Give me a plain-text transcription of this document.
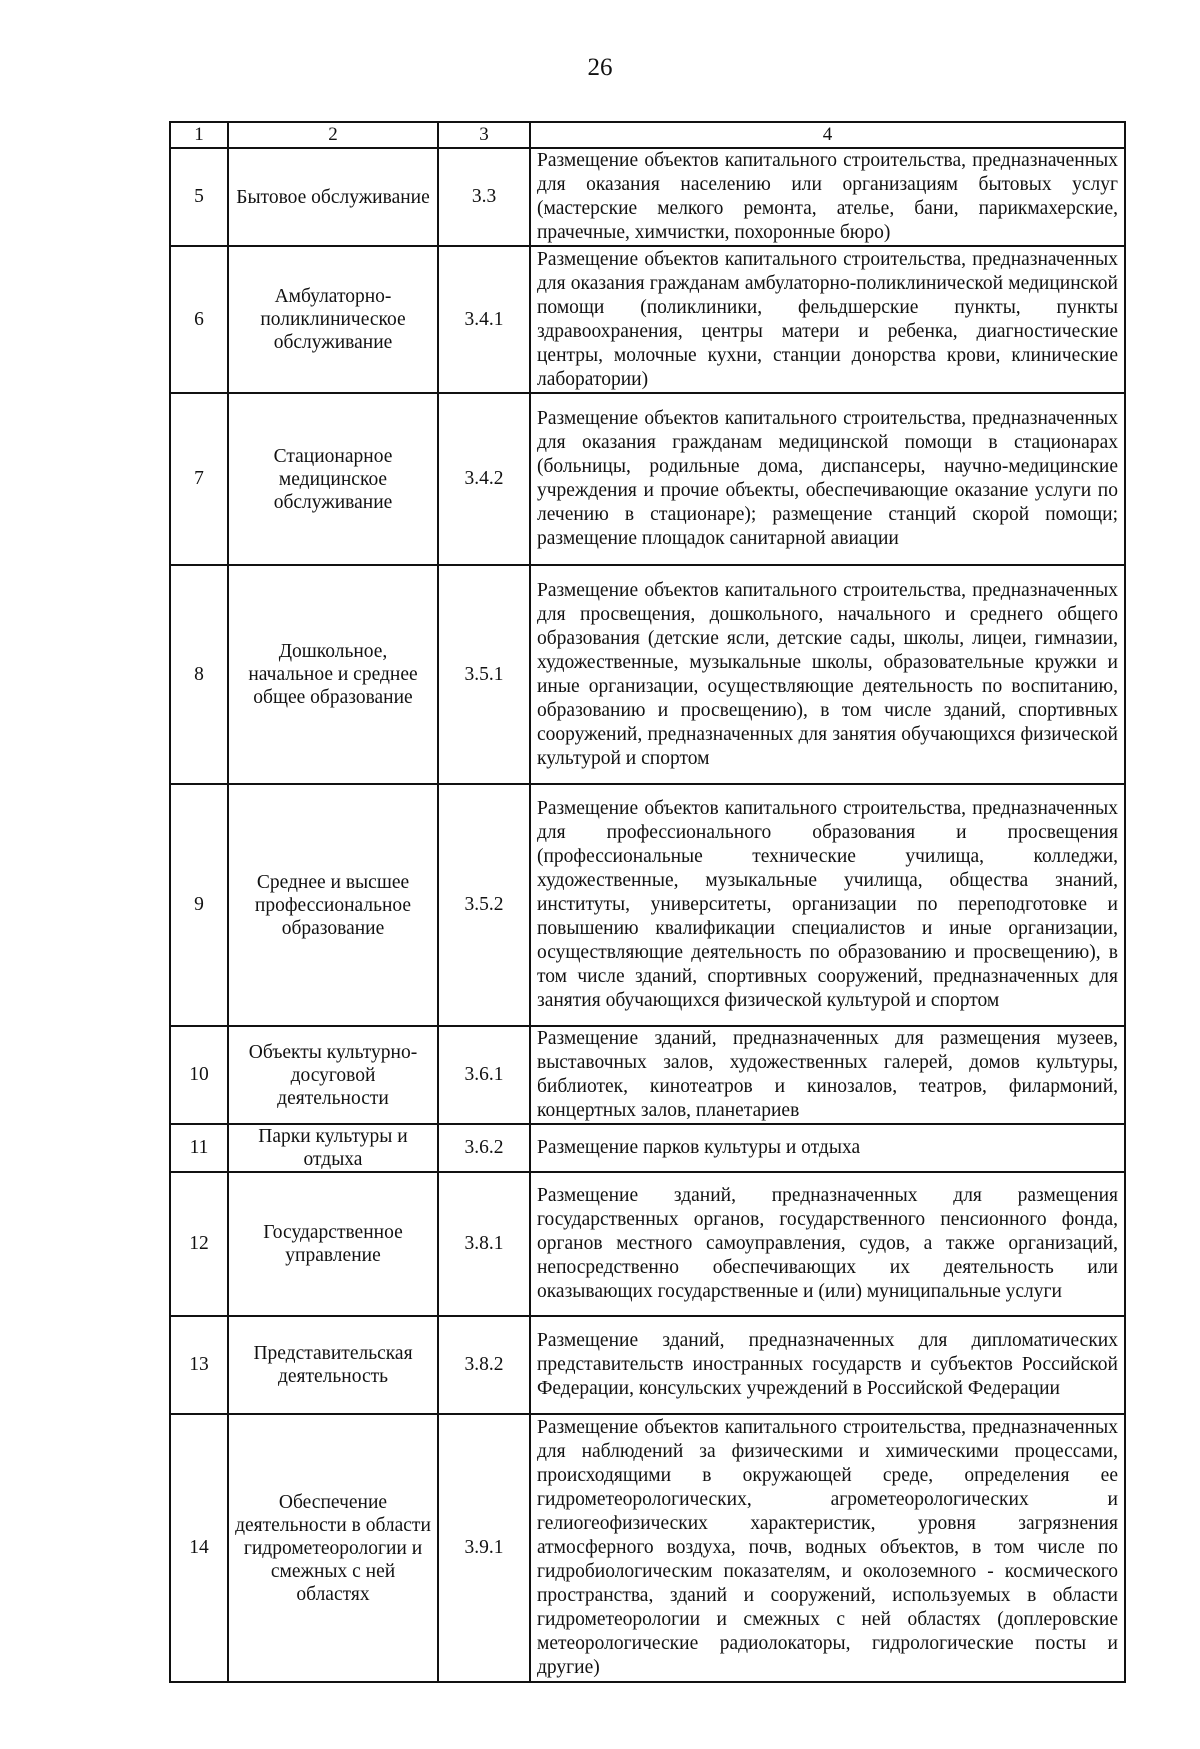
26
1	2	3	4
5	Бытовое обслуживание	3.3	Размещение объектов капитального строительства, предназначенных для оказания населению или организациям бытовых услуг (мастерские мелкого ремонта, ателье, бани, парикмахерские, прачечные, химчистки, похоронные бюро)
6	Амбулаторно-поликлиническое обслуживание	3.4.1	Размещение объектов капитального строительства, предназначенных для оказания гражданам амбулаторно-поликлинической медицинской помощи (поликлиники, фельдшерские пункты, пункты здравоохранения, центры матери и ребенка, диагностические центры, молочные кухни, станции донорства крови, клинические лаборатории)
7	Стационарное медицинское обслуживание	3.4.2	Размещение объектов капитального строительства, предназначенных для оказания гражданам медицинской помощи в стационарах (больницы, родильные дома, диспансеры, научно-медицинские учреждения и прочие объекты, обеспечивающие оказание услуги по лечению в стационаре); размещение станций скорой помощи; размещение площадок санитарной авиации
8	Дошкольное, начальное и среднее общее образование	3.5.1	Размещение объектов капитального строительства, предназначенных для просвещения, дошкольного, начального и среднего общего образования (детские ясли, детские сады, школы, лицеи, гимназии, художественные, музыкальные школы, образовательные кружки и иные организации, осуществляющие деятельность по воспитанию, образованию и просвещению), в том числе зданий, спортивных сооружений, предназначенных для занятия обучающихся физической культурой и спортом
9	Среднее и высшее профессиональное образование	3.5.2	Размещение объектов капитального строительства, предназначенных для профессионального образования и просвещения (профессиональные технические училища, колледжи, художественные, музыкальные училища, общества знаний, институты, университеты, организации по переподготовке и повышению квалификации специалистов и иные организации, осуществляющие деятельность по образованию и просвещению), в том числе зданий, спортивных сооружений, предназначенных для занятия обучающихся физической культурой и спортом
10	Объекты культурно-досуговой деятельности	3.6.1	Размещение зданий, предназначенных для размещения музеев, выставочных залов, художественных галерей, домов культуры, библиотек, кинотеатров и кинозалов, театров, филармоний, концертных залов, планетариев
11	Парки культуры и отдыха	3.6.2	Размещение парков культуры и отдыха
12	Государственное управление	3.8.1	Размещение зданий, предназначенных для размещения государственных органов, государственного пенсионного фонда, органов местного самоуправления, судов, а также организаций, непосредственно обеспечивающих их деятельность или оказывающих государственные и (или) муниципальные услуги
13	Представительская деятельность	3.8.2	Размещение зданий, предназначенных для дипломатических представительств иностранных государств и субъектов Российской Федерации, консульских учреждений в Российской Федерации
14	Обеспечение деятельности в области гидрометеорологии и смежных с ней областях	3.9.1	Размещение объектов капитального строительства, предназначенных для наблюдений за физическими и химическими процессами, происходящими в окружающей среде, определения ее гидрометеорологических, агрометеорологических и гелиогеофизических характеристик, уровня загрязнения атмосферного воздуха, почв, водных объектов, в том числе по гидробиологическим показателям, и околоземного - космического пространства, зданий и сооружений, используемых в области гидрометеорологии и смежных с ней областях (доплеровские метеорологические радиолокаторы, гидрологические посты и другие)
